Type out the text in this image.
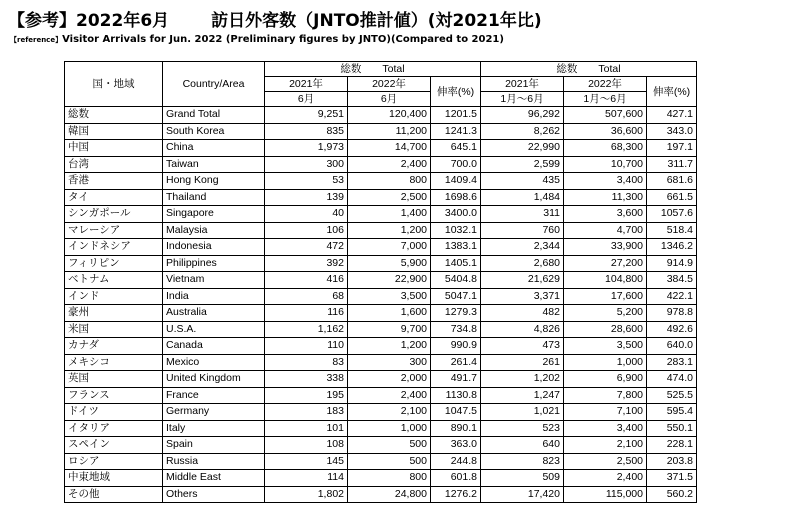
【参考】2022年6月 訪日外客数（JNTO推計値）(対2021年比)
【reference】Visitor Arrivals for Jun. 2022 (Preliminary figures by JNTO)(Compared to 2021)
国・地域	Country/Area	総数　　Total			総数　　Total		
		2021年	2022年	伸率(%)	2021年	2022年	伸率(%)
		6月	6月		1月～6月	1月～6月	
総数	Grand Total	9,251	120,400	1201.5	96,292	507,600	427.1
韓国	South Korea	835	11,200	1241.3	8,262	36,600	343.0
中国	China	1,973	14,700	645.1	22,990	68,300	197.1
台湾	Taiwan	300	2,400	700.0	2,599	10,700	311.7
香港	Hong Kong	53	800	1409.4	435	3,400	681.6
タイ	Thailand	139	2,500	1698.6	1,484	11,300	661.5
シンガポール	Singapore	40	1,400	3400.0	311	3,600	1057.6
マレーシア	Malaysia	106	1,200	1032.1	760	4,700	518.4
インドネシア	Indonesia	472	7,000	1383.1	2,344	33,900	1346.2
フィリピン	Philippines	392	5,900	1405.1	2,680	27,200	914.9
ベトナム	Vietnam	416	22,900	5404.8	21,629	104,800	384.5
インド	India	68	3,500	5047.1	3,371	17,600	422.1
豪州	Australia	116	1,600	1279.3	482	5,200	978.8
米国	U.S.A.	1,162	9,700	734.8	4,826	28,600	492.6
カナダ	Canada	110	1,200	990.9	473	3,500	640.0
メキシコ	Mexico	83	300	261.4	261	1,000	283.1
英国	United Kingdom	338	2,000	491.7	1,202	6,900	474.0
フランス	France	195	2,400	1130.8	1,247	7,800	525.5
ドイツ	Germany	183	2,100	1047.5	1,021	7,100	595.4
イタリア	Italy	101	1,000	890.1	523	3,400	550.1
スペイン	Spain	108	500	363.0	640	2,100	228.1
ロシア	Russia	145	500	244.8	823	2,500	203.8
中東地域	Middle East	114	800	601.8	509	2,400	371.5
その他	Others	1,802	24,800	1276.2	17,420	115,000	560.2
